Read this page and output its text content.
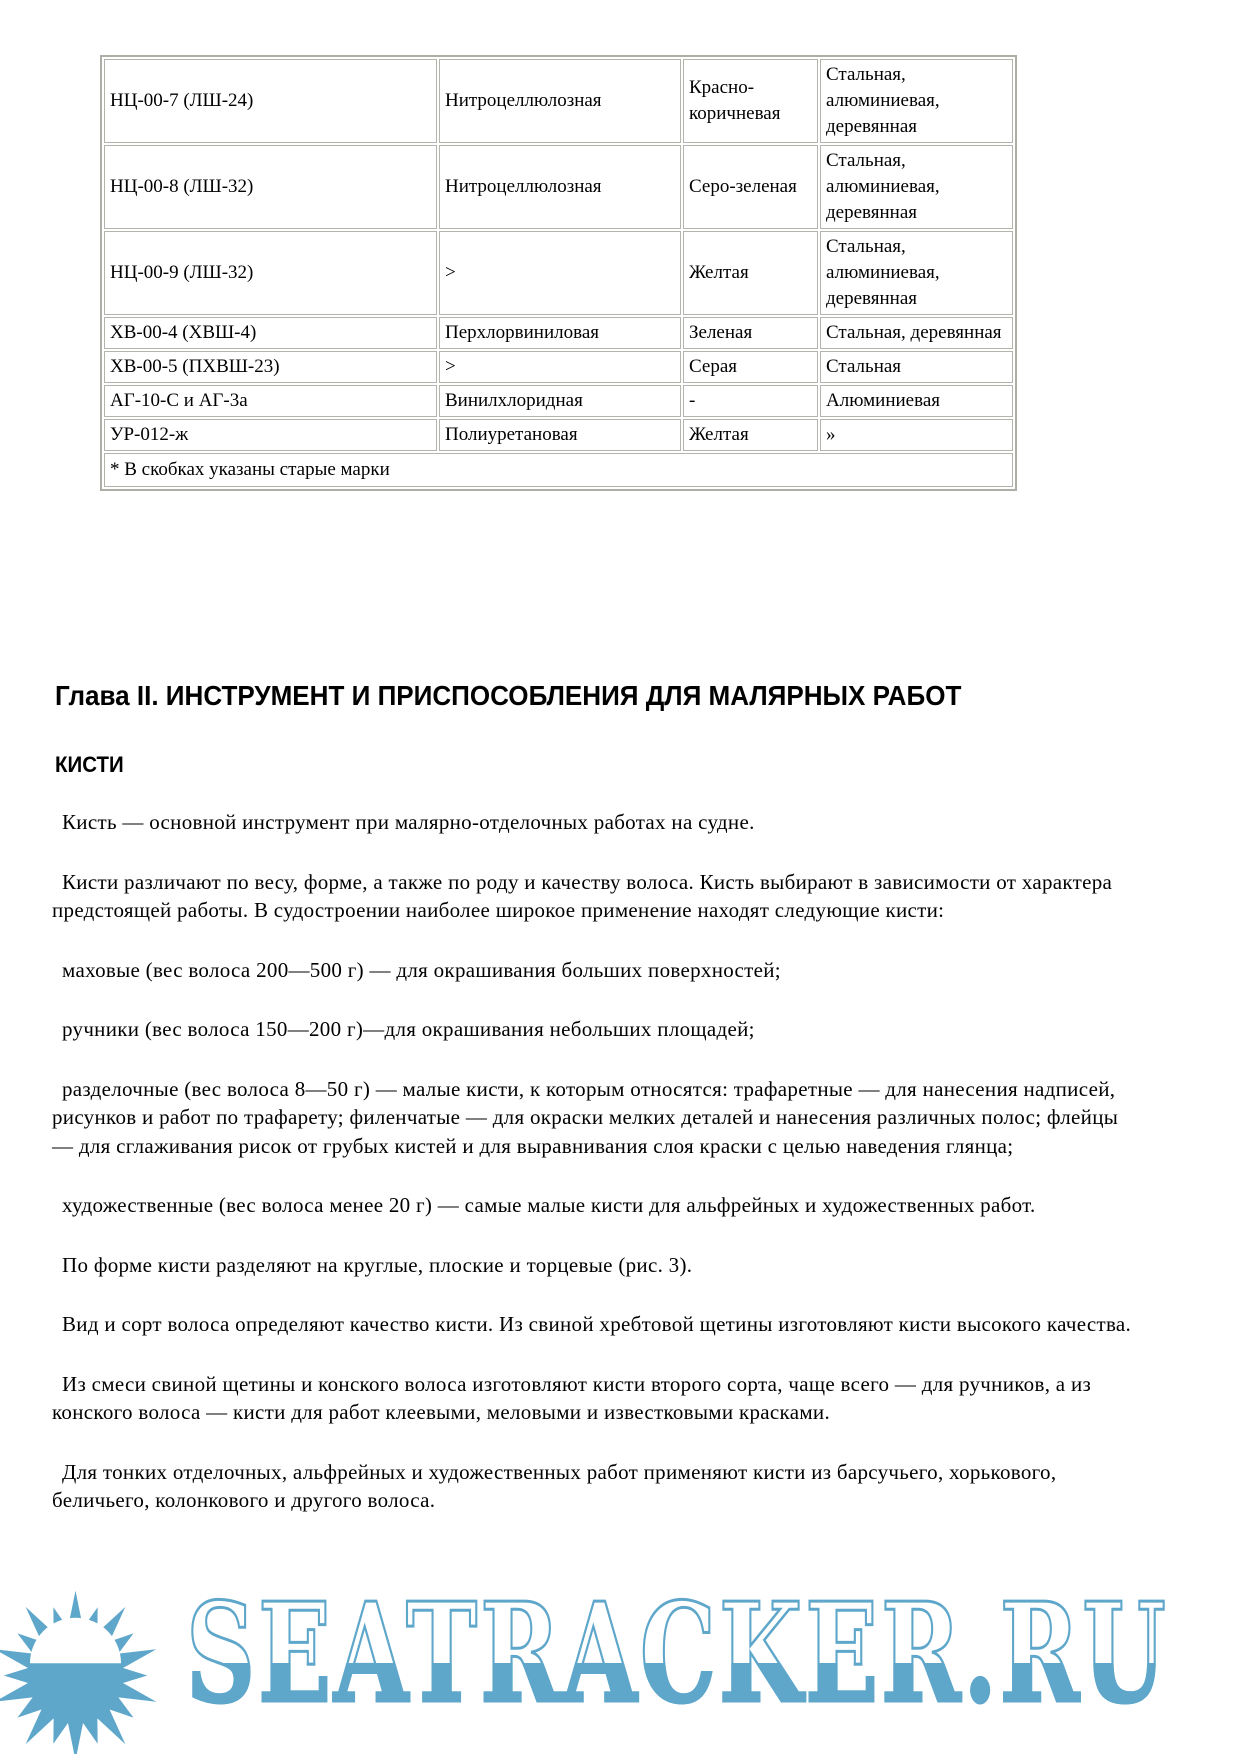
SEATRACKER.RU
НЦ-00-7 (ЛШ-24)	Нитроцеллюлозная	Красно-коричневая	Стальная, алюминиевая, деревянная
НЦ-00-8 (ЛШ-32)	Нитроцеллюлозная	Серо-зеленая	Стальная, алюминиевая, деревянная
НЦ-00-9 (ЛШ-32)	>	Желтая	Стальная, алюминиевая, деревянная
ХВ-00-4 (ХВШ-4)	Перхлорвиниловая	Зеленая	Стальная, деревянная
ХВ-00-5 (ПХВШ-23)	>	Серая	Стальная
АГ-10-С и АГ-3а	Винилхлоридная	-	Алюминиевая
УР-012-ж	Полиуретановая	Желтая	»
* В скобках указаны старые марки			
Глава II. ИНСТРУМЕНТ И ПРИСПОСОБЛЕНИЯ ДЛЯ МАЛЯРНЫХ РАБОТ
КИСТИ

Кисть — основной инструмент при малярно-отделочных работах на судне.

Кисти различают по весу, форме, а также по роду и качеству волоса. Кисть выбирают в зависимости от характера предстоящей работы. В судостроении наиболее широкое применение находят следующие кисти:

маховые (вес волоса 200—500 г) — для окрашивания больших поверхностей;

ручники (вес волоса 150—200 г)—для окрашивания небольших площадей;

разделочные (вес волоса 8—50 г) — малые кисти, к которым относятся: трафаретные — для нанесения надписей, рисунков и работ по трафарету; филенчатые — для окраски мелких деталей и нанесения различных полос; флейцы — для сглаживания рисок от грубых кистей и для выравнивания слоя краски с целью наведения глянца;

художественные (вес волоса менее 20 г) — самые малые кисти для альфрейных и художественных работ.

По форме кисти разделяют на круглые, плоские и торцевые (рис. 3).

Вид и сорт волоса определяют качество кисти. Из свиной хребтовой щетины изготовляют кисти высокого качества.

Из смеси свиной щетины и конского волоса изготовляют кисти второго сорта, чаще всего — для ручников, а из конского волоса — кисти для работ клеевыми, меловыми и известковыми красками.

Для тонких отделочных, альфрейных и художественных работ применяют кисти из барсучьего, хорькового, беличьего, колонкового и другого волоса.
